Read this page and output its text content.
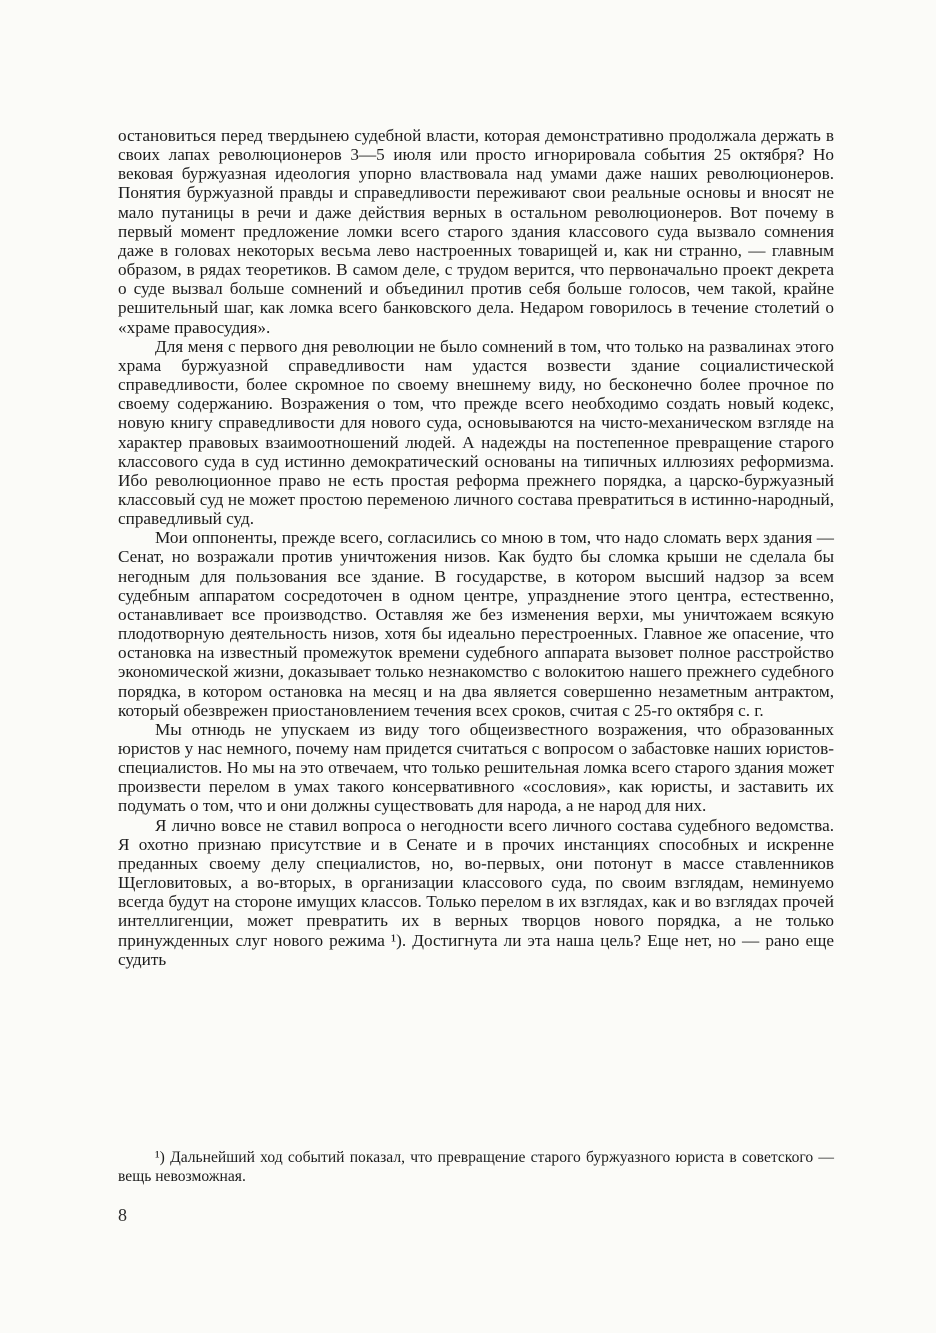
остановиться перед твердынею судебной власти, которая демонстративно продолжала держать в своих лапах революционеров 3—5 июля или просто игнорировала события 25 октября? Но вековая буржуазная идеология упорно властвовала над умами даже наших революционеров. Понятия буржуазной правды и справедливости переживают свои реальные основы и вносят не мало путаницы в речи и даже действия верных в остальном революционеров. Вот почему в первый момент предложение ломки всего старого здания классового суда вызвало сомнения даже в головах некоторых весьма лево настроенных товарищей и, как ни странно, — главным образом, в рядах теоретиков. В самом деле, с трудом верится, что первоначально проект декрета о суде вызвал больше сомнений и объединил против себя больше голосов, чем такой, крайне решительный шаг, как ломка всего банковского дела. Недаром говорилось в течение столетий о «храме правосудия».

Для меня с первого дня революции не было сомнений в том, что только на развалинах этого храма буржуазной справедливости нам удастся возвести здание социалистической справедливости, более скромное по своему внешнему виду, но бесконечно более прочное по своему содержанию. Возражения о том, что прежде всего необходимо создать новый кодекс, новую книгу справедливости для нового суда, основываются на чисто-механическом взгляде на характер правовых взаимоотношений людей. А надежды на постепенное превращение старого классового суда в суд истинно демократический основаны на типичных иллюзиях реформизма. Ибо революционное право не есть простая реформа прежнего порядка, а царско-буржуазный классовый суд не может простою переменою личного состава превратиться в истинно-народный, справедливый суд.

Мои оппоненты, прежде всего, согласились со мною в том, что надо сломать верх здания — Сенат, но возражали против уничтожения низов. Как будто бы сломка крыши не сделала бы негодным для пользования все здание. В государстве, в котором высший надзор за всем судебным аппаратом сосредоточен в одном центре, упразднение этого центра, естественно, останавливает все производство. Оставляя же без изменения верхи, мы уничтожаем всякую плодотворную деятельность низов, хотя бы идеально перестроенных. Главное же опасение, что остановка на известный промежуток времени судебного аппарата вызовет полное расстройство экономической жизни, доказывает только незнакомство с волокитою нашего прежнего судебного порядка, в котором остановка на месяц и на два является совершенно незаметным антрактом, который обезврежен приостановлением течения всех сроков, считая с 25-го октября с. г.

Мы отнюдь не упускаем из виду того общеизвестного возражения, что образованных юристов у нас немного, почему нам придется считаться с вопросом о забастовке наших юристов-специалистов. Но мы на это отвечаем, что только решительная ломка всего старого здания может произвести перелом в умах такого консервативного «сословия», как юристы, и заставить их подумать о том, что и они должны существовать для народа, а не народ для них.

Я лично вовсе не ставил вопроса о негодности всего личного состава судебного ведомства. Я охотно признаю присутствие и в Сенате и в прочих инстанциях способных и искренне преданных своему делу специалистов, но, во-первых, они потонут в массе ставленников Щегловитовых, а во-вторых, в организации классового суда, по своим взглядам, неминуемо всегда будут на стороне имущих классов. Только перелом в их взглядах, как и во взглядах прочей интеллигенции, может превратить их в верных творцов нового порядка, а не только принужденных слуг нового режима ¹). Достигнута ли эта наша цель? Еще нет, но — рано еще судить

¹) Дальнейший ход событий показал, что превращение старого буржуазного юриста в советского — вещь невозможная.

8
